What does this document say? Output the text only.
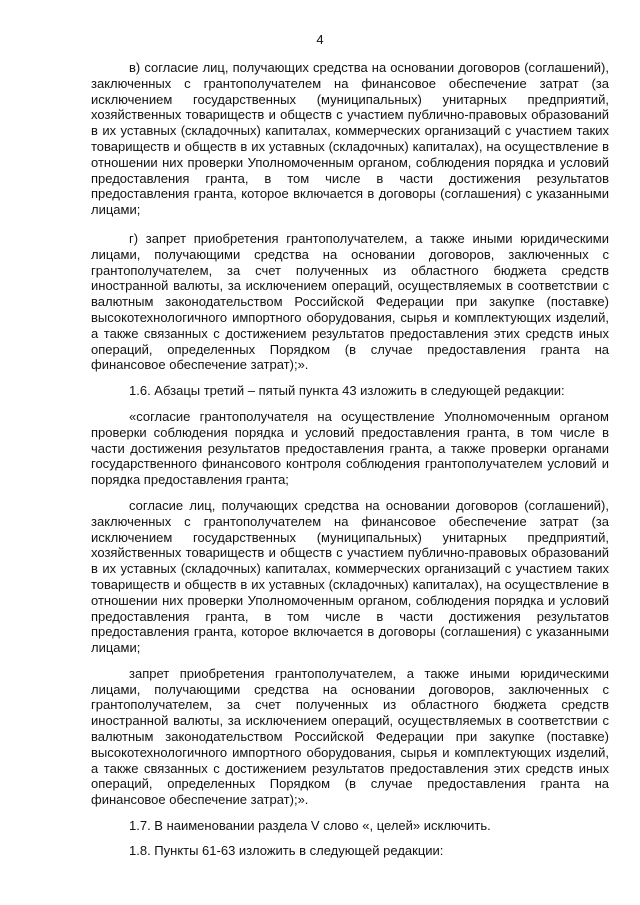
4

в) согласие лиц, получающих средства на основании договоров (соглашений), заключенных с грантополучателем на финансовое обеспечение затрат (за исключением государственных (муниципальных) унитарных предприятий, хозяйственных товариществ и обществ с участием публично-правовых образований в их уставных (складочных) капиталах, коммерческих организаций с участием таких товариществ и обществ в их уставных (складочных) капиталах), на осуществление в отношении них проверки Уполномоченным органом, соблюдения порядка и условий предоставления гранта, в том числе в части достижения результатов предоставления гранта, которое включается в договоры (соглашения) с указанными лицами;

г) запрет приобретения грантополучателем, а также иными юридическими лицами, получающими средства на основании договоров, заключенных с грантополучателем, за счет полученных из областного бюджета средств иностранной валюты, за исключением операций, осуществляемых в соответствии с валютным законодательством Российской Федерации при закупке (поставке) высокотехнологичного импортного оборудования, сырья и комплектующих изделий, а также связанных с достижением результатов предоставления этих средств иных операций, определенных Порядком (в случае предоставления гранта на финансовое обеспечение затрат);».

1.6. Абзацы третий – пятый пункта 43 изложить в следующей редакции:

«согласие грантополучателя на осуществление Уполномоченным органом проверки соблюдения порядка и условий предоставления гранта, в том числе в части достижения результатов предоставления гранта, а также проверки органами государственного финансового контроля соблюдения грантополучателем условий и порядка предоставления гранта;

согласие лиц, получающих средства на основании договоров (соглашений), заключенных с грантополучателем на финансовое обеспечение затрат (за исключением государственных (муниципальных) унитарных предприятий, хозяйственных товариществ и обществ с участием публично-правовых образований в их уставных (складочных) капиталах, коммерческих организаций с участием таких товариществ и обществ в их уставных (складочных) капиталах), на осуществление в отношении них проверки Уполномоченным органом, соблюдения порядка и условий предоставления гранта, в том числе в части достижения результатов предоставления гранта, которое включается в договоры (соглашения) с указанными лицами;

запрет приобретения грантополучателем, а также иными юридическими лицами, получающими средства на основании договоров, заключенных с грантополучателем, за счет полученных из областного бюджета средств иностранной валюты, за исключением операций, осуществляемых в соответствии с валютным законодательством Российской Федерации при закупке (поставке) высокотехнологичного импортного оборудования, сырья и комплектующих изделий, а также связанных с достижением результатов предоставления этих средств иных операций, определенных Порядком (в случае предоставления гранта на финансовое обеспечение затрат);».

1.7. В наименовании раздела V слово «, целей» исключить.

1.8. Пункты 61-63 изложить в следующей редакции:
